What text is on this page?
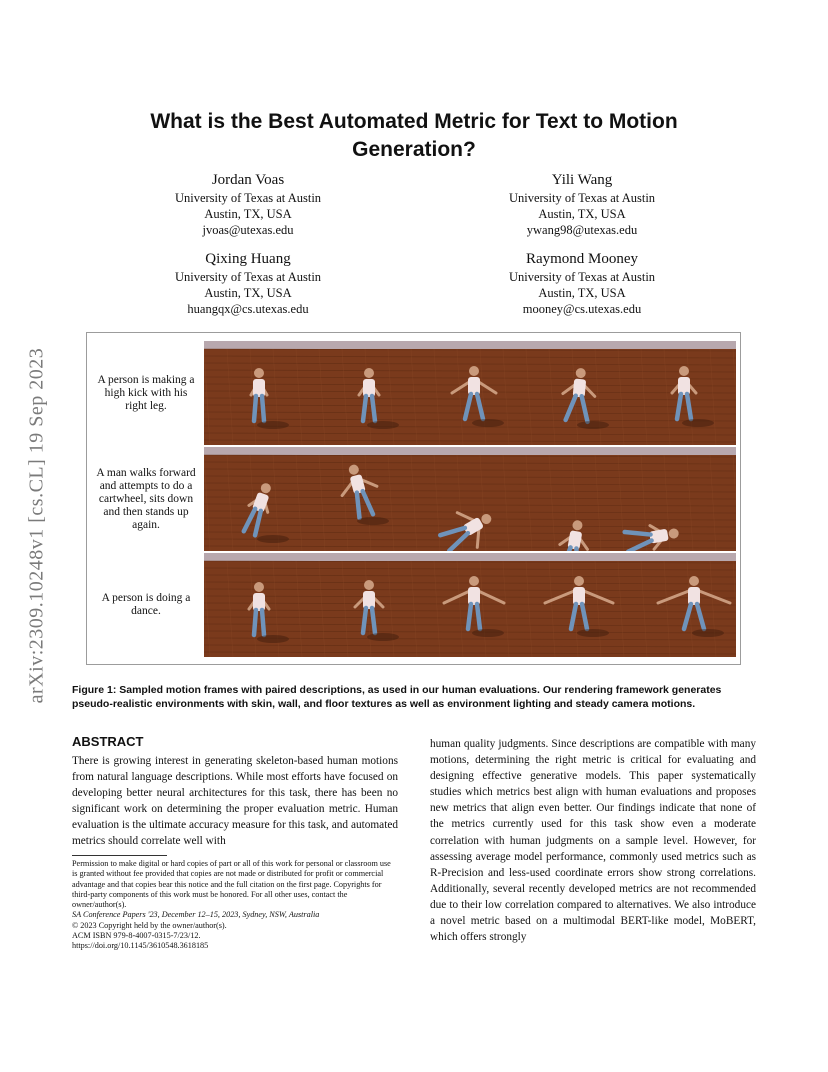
arXiv:2309.10248v1 [cs.CL] 19 Sep 2023
What is the Best Automated Metric for Text to Motion Generation?
Jordan Voas
University of Texas at Austin
Austin, TX, USA
jvoas@utexas.edu
Yili Wang
University of Texas at Austin
Austin, TX, USA
ywang98@utexas.edu
Qixing Huang
University of Texas at Austin
Austin, TX, USA
huangqx@cs.utexas.edu
Raymond Mooney
University of Texas at Austin
Austin, TX, USA
mooney@cs.utexas.edu
A person is making a high kick with his right leg.
A man walks forward and attempts to do a cartwheel, sits down and then stands up again.
A person is doing a dance.
Figure 1: Sampled motion frames with paired descriptions, as used in our human evaluations. Our rendering framework generates pseudo-realistic environments with skin, wall, and floor textures as well as environment lighting and steady camera motions.
ABSTRACT
There is growing interest in generating skeleton-based human motions from natural language descriptions. While most efforts have focused on developing better neural architectures for this task, there has been no significant work on determining the proper evaluation metric. Human evaluation is the ultimate accuracy measure for this task, and automated metrics should correlate well with
human quality judgments. Since descriptions are compatible with many motions, determining the right metric is critical for evaluating and designing effective generative models. This paper systematically studies which metrics best align with human evaluations and proposes new metrics that align even better. Our findings indicate that none of the metrics currently used for this task show even a moderate correlation with human judgments on a sample level. However, for assessing average model performance, commonly used metrics such as R-Precision and less-used coordinate errors show strong correlations. Additionally, several recently developed metrics are not recommended due to their low correlation compared to alternatives. We also introduce a novel metric based on a multimodal BERT-like model, MoBERT, which offers strongly
Permission to make digital or hard copies of part or all of this work for personal or classroom use is granted without fee provided that copies are not made or distributed for profit or commercial advantage and that copies bear this notice and the full citation on the first page. Copyrights for third-party components of this work must be honored. For all other uses, contact the owner/author(s).
SA Conference Papers '23, December 12–15, 2023, Sydney, NSW, Australia
© 2023 Copyright held by the owner/author(s).
ACM ISBN 979-8-4007-0315-7/23/12.
https://doi.org/10.1145/3610548.3618185
